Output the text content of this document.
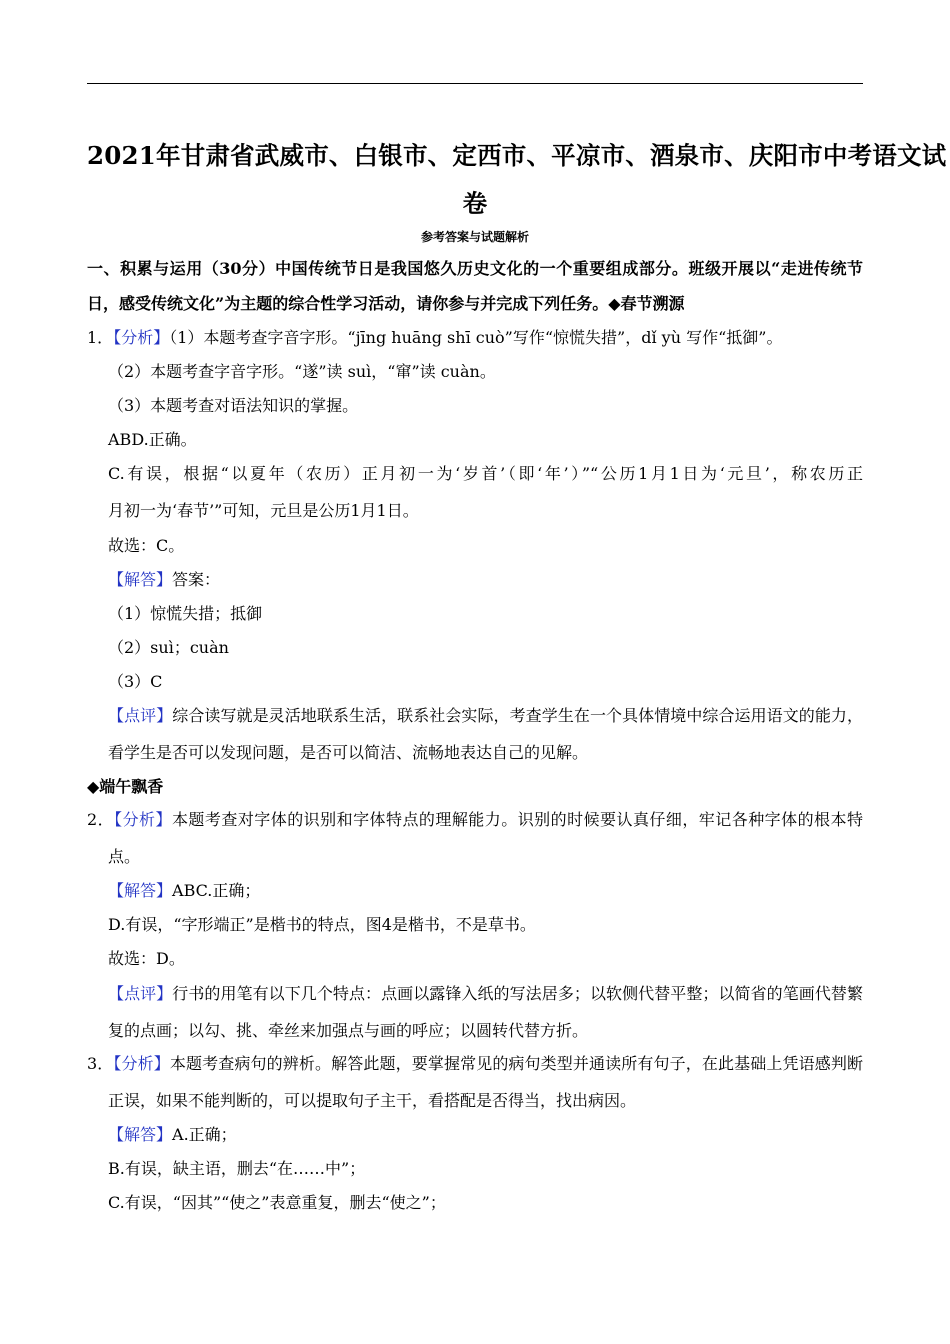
2021年甘肃省武威市、白银市、定西市、平凉市、酒泉市、庆阳市中考语文试
卷
参考答案与试题解析
一、积累与运用（30分）中国传统节日是我国悠久历史文化的一个重要组成部分。班级开展以“走进传统节
日，感受传统文化”为主题的综合性学习活动，请你参与并完成下列任务。◆春节溯源
1．【分析】（1）本题考查字音字形。“jīng huāng shī cuò”写作“惊慌失措”，dǐ yù 写作“抵御”。
（2）本题考查字音字形。“遂”读 suì，“窜”读 cuàn。
（3）本题考查对语法知识的掌握。
ABD.正确。
C.有误，根据“以夏年（农历）正月初一为‘岁首’（即‘年’）”“公历1月1日为‘元旦’，称农历正
月初一为‘春节’”可知，元旦是公历1月1日。
故选：C。
【解答】答案：
（1）惊慌失措；抵御
（2）suì；cuàn
（3）C
【点评】综合读写就是灵活地联系生活，联系社会实际，考查学生在一个具体情境中综合运用语文的能力，
看学生是否可以发现问题，是否可以简洁、流畅地表达自己的见解。
◆端午飘香
2．【分析】本题考查对字体的识别和字体特点的理解能力。识别的时候要认真仔细，牢记各种字体的根本特
点。
【解答】ABC.正确；
D.有误，“字形端正”是楷书的特点，图4是楷书，不是草书。
故选：D。
【点评】行书的用笔有以下几个特点：点画以露锋入纸的写法居多；以软侧代替平整；以简省的笔画代替繁
复的点画；以勾、挑、牵丝来加强点与画的呼应；以圆转代替方折。
3．【分析】本题考查病句的辨析。解答此题，要掌握常见的病句类型并通读所有句子，在此基础上凭语感判断
正误，如果不能判断的，可以提取句子主干，看搭配是否得当，找出病因。
【解答】A.正确；
B.有误，缺主语，删去“在……中”；
C.有误，“因其”“使之”表意重复，删去“使之”；
